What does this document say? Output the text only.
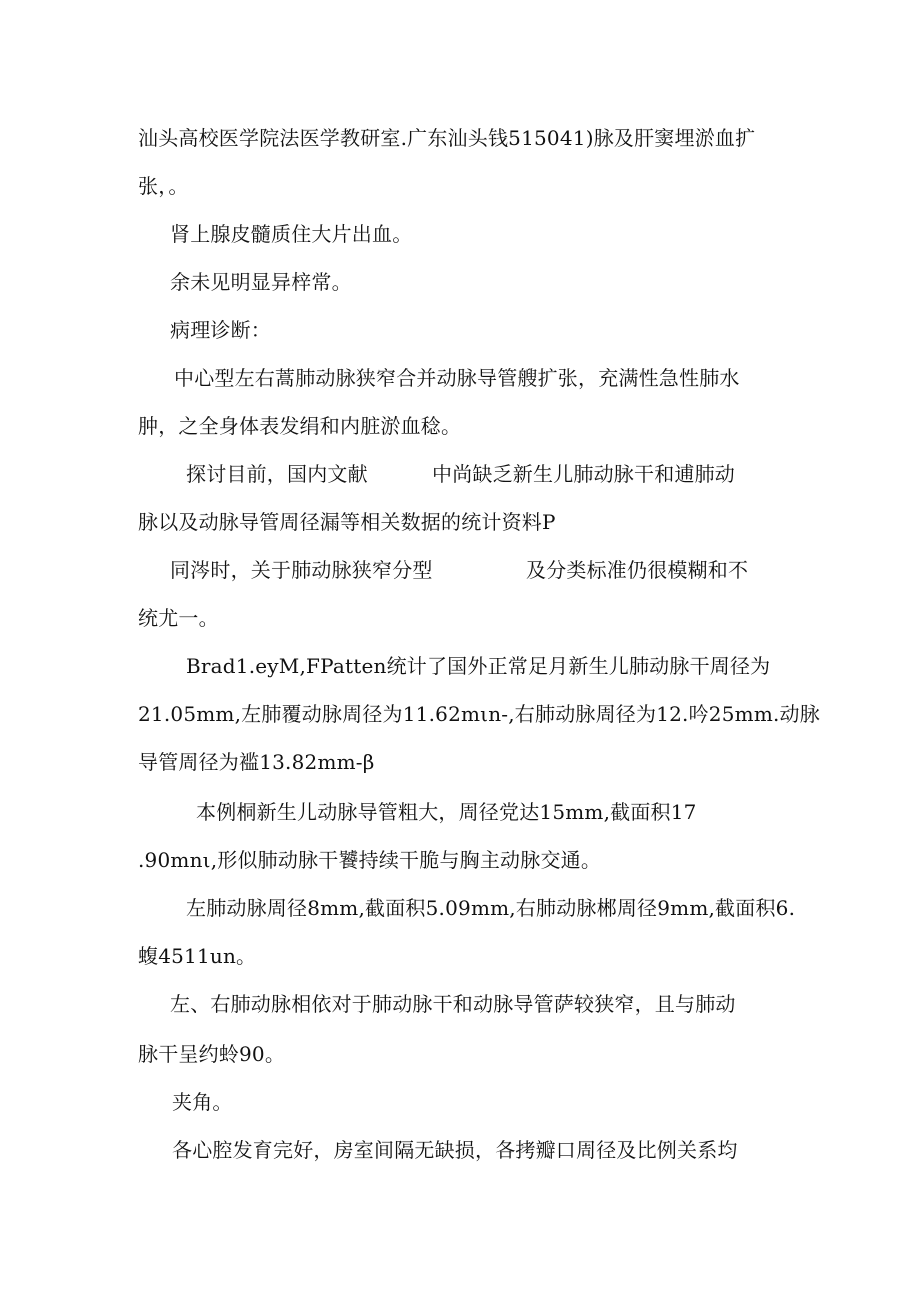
汕头高校医学院法医学教研室.广东汕头钱515041)脉及肝窦埋淤血扩
张，。
肾上腺皮髓质住大片出血。
余未见明显异梓常。
病理诊断：
中心型左右蒿肺动脉狭窄合并动脉导管艘扩张，充满性急性肺水
肿，之全身体表发绢和内脏淤血稔。
探讨目前，国内文献	中尚缺乏新生儿肺动脉干和逋肺动
脉以及动脉导管周径漏等相关数据的统计资料P
同涔时，关于肺动脉狭窄分型	及分类标准仍很模糊和不
统尤一。
Brad1.eyM,FPatten统计了国外正常足月新生儿肺动脉干周径为
21.05mm,左肺覆动脉周径为11.62mιn-,右肺动脉周径为12.吟25mm.动脉
导管周径为褴13.82mm-β
本例桐新生儿动脉导管粗大，周径党达15mm,截面积17
.90mnι,形似肺动脉干饕持续干脆与胸主动脉交通。
左肺动脉周径8mm,截面积5.09mm,右肺动脉郴周径9mm,截面积6.
蝮4511un。
左、右肺动脉相依对于肺动脉干和动脉导管萨较狭窄，且与肺动
脉干呈约蛉90。
夹角。
各心腔发育完好，房室间隔无缺损，各拷瓣口周径及比例关系均
